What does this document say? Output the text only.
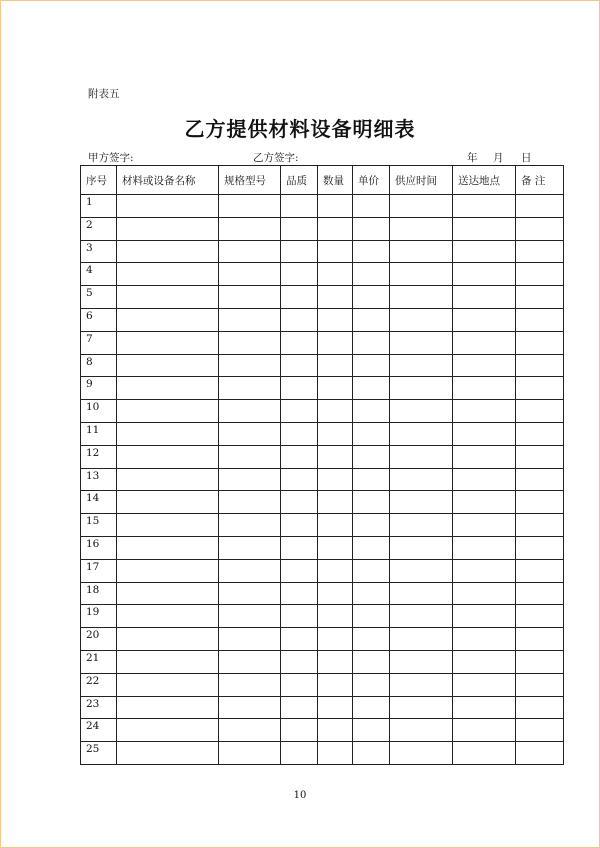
附表五
乙方提供材料设备明细表
甲方签字:	乙方签字:	年 月 日
序号	材料或设备名称	规格型号	品质	数量	单价	供应时间	送达地点	备 注
1								
2								
3								
4								
5								
6								
7								
8								
9								
10								
11								
12								
13								
14								
15								
16								
17								
18								
19								
20								
21								
22								
23								
24								
25								
10
